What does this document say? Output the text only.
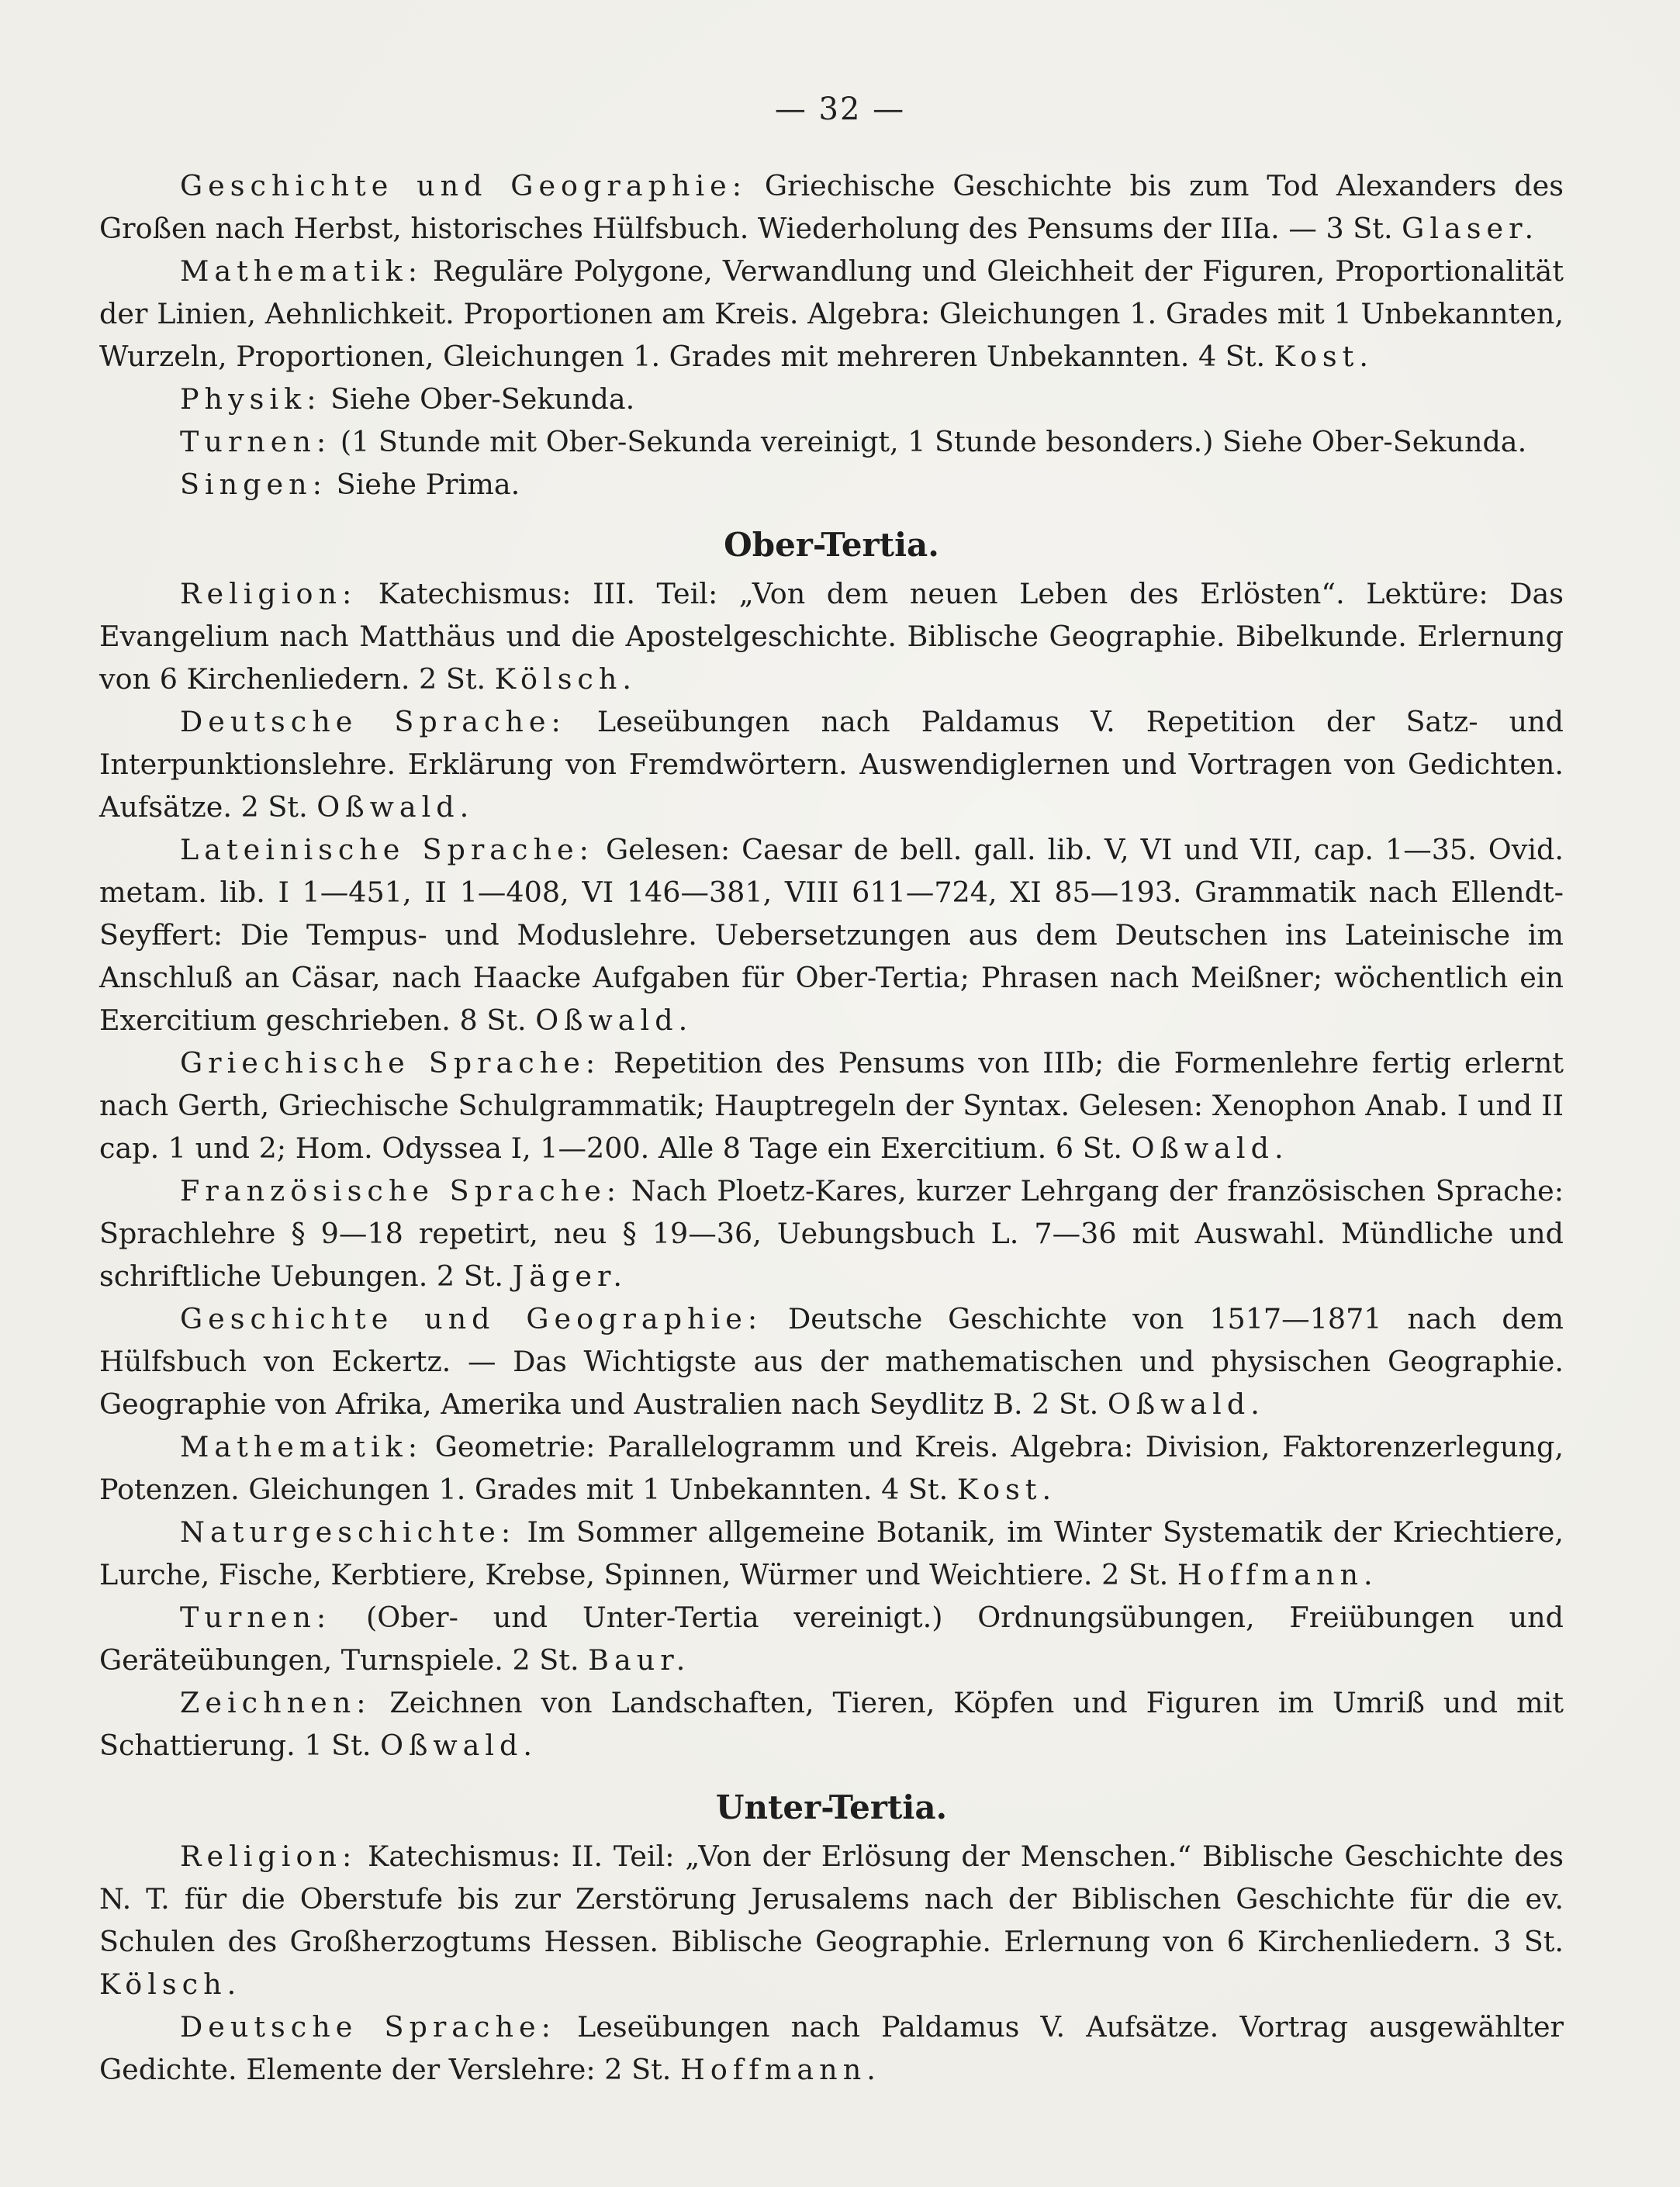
— 32 —

Geschichte und Geographie: Griechische Geschichte bis zum Tod Alexanders des Großen nach Herbst, historisches Hülfsbuch. Wiederholung des Pensums der IIIa. — 3 St. Glaser.

Mathematik: Reguläre Polygone, Verwandlung und Gleichheit der Figuren, Proportionalität der Linien, Aehnlichkeit. Proportionen am Kreis. Algebra: Gleichungen 1. Grades mit 1 Unbekannten, Wurzeln, Proportionen, Gleichungen 1. Grades mit mehreren Unbekannten. 4 St. Kost.

Physik: Siehe Ober-Sekunda.

Turnen: (1 Stunde mit Ober-Sekunda vereinigt, 1 Stunde besonders.) Siehe Ober-Sekunda.

Singen: Siehe Prima.

Ober-Tertia.

Religion: Katechismus: III. Teil: „Von dem neuen Leben des Erlösten“. Lektüre: Das Evangelium nach Matthäus und die Apostelgeschichte. Biblische Geographie. Bibelkunde. Erlernung von 6 Kirchenliedern. 2 St. Kölsch.

Deutsche Sprache: Leseübungen nach Paldamus V. Repetition der Satz- und Interpunktionslehre. Erklärung von Fremdwörtern. Auswendiglernen und Vortragen von Gedichten. Aufsätze. 2 St. Oßwald.

Lateinische Sprache: Gelesen: Caesar de bell. gall. lib. V, VI und VII, cap. 1—35. Ovid. metam. lib. I 1—451, II 1—408, VI 146—381, VIII 611—724, XI 85—193. Grammatik nach Ellendt-Seyffert: Die Tempus- und Moduslehre. Uebersetzungen aus dem Deutschen ins Lateinische im Anschluß an Cäsar, nach Haacke Aufgaben für Ober-Tertia; Phrasen nach Meißner; wöchentlich ein Exercitium geschrieben. 8 St. Oßwald.

Griechische Sprache: Repetition des Pensums von IIIb; die Formenlehre fertig erlernt nach Gerth, Griechische Schulgrammatik; Hauptregeln der Syntax. Gelesen: Xenophon Anab. I und II cap. 1 und 2; Hom. Odyssea I, 1—200. Alle 8 Tage ein Exercitium. 6 St. Oßwald.

Französische Sprache: Nach Ploetz-Kares, kurzer Lehrgang der französischen Sprache: Sprachlehre § 9—18 repetirt, neu § 19—36, Uebungsbuch L. 7—36 mit Auswahl. Mündliche und schriftliche Uebungen. 2 St. Jäger.

Geschichte und Geographie: Deutsche Geschichte von 1517—1871 nach dem Hülfsbuch von Eckertz. — Das Wichtigste aus der mathematischen und physischen Geographie. Geographie von Afrika, Amerika und Australien nach Seydlitz B. 2 St. Oßwald.

Mathematik: Geometrie: Parallelogramm und Kreis. Algebra: Division, Faktorenzerlegung, Potenzen. Gleichungen 1. Grades mit 1 Unbekannten. 4 St. Kost.

Naturgeschichte: Im Sommer allgemeine Botanik, im Winter Systematik der Kriechtiere, Lurche, Fische, Kerbtiere, Krebse, Spinnen, Würmer und Weichtiere. 2 St. Hoffmann.

Turnen: (Ober- und Unter-Tertia vereinigt.) Ordnungsübungen, Freiübungen und Geräteübungen, Turnspiele. 2 St. Baur.

Zeichnen: Zeichnen von Landschaften, Tieren, Köpfen und Figuren im Umriß und mit Schattierung. 1 St. Oßwald.

Unter-Tertia.

Religion: Katechismus: II. Teil: „Von der Erlösung der Menschen.“ Biblische Geschichte des N. T. für die Oberstufe bis zur Zerstörung Jerusalems nach der Biblischen Geschichte für die ev. Schulen des Großherzogtums Hessen. Biblische Geographie. Erlernung von 6 Kirchenliedern. 3 St. Kölsch.

Deutsche Sprache: Leseübungen nach Paldamus V. Aufsätze. Vortrag ausgewählter Gedichte. Elemente der Verslehre: 2 St. Hoffmann.
